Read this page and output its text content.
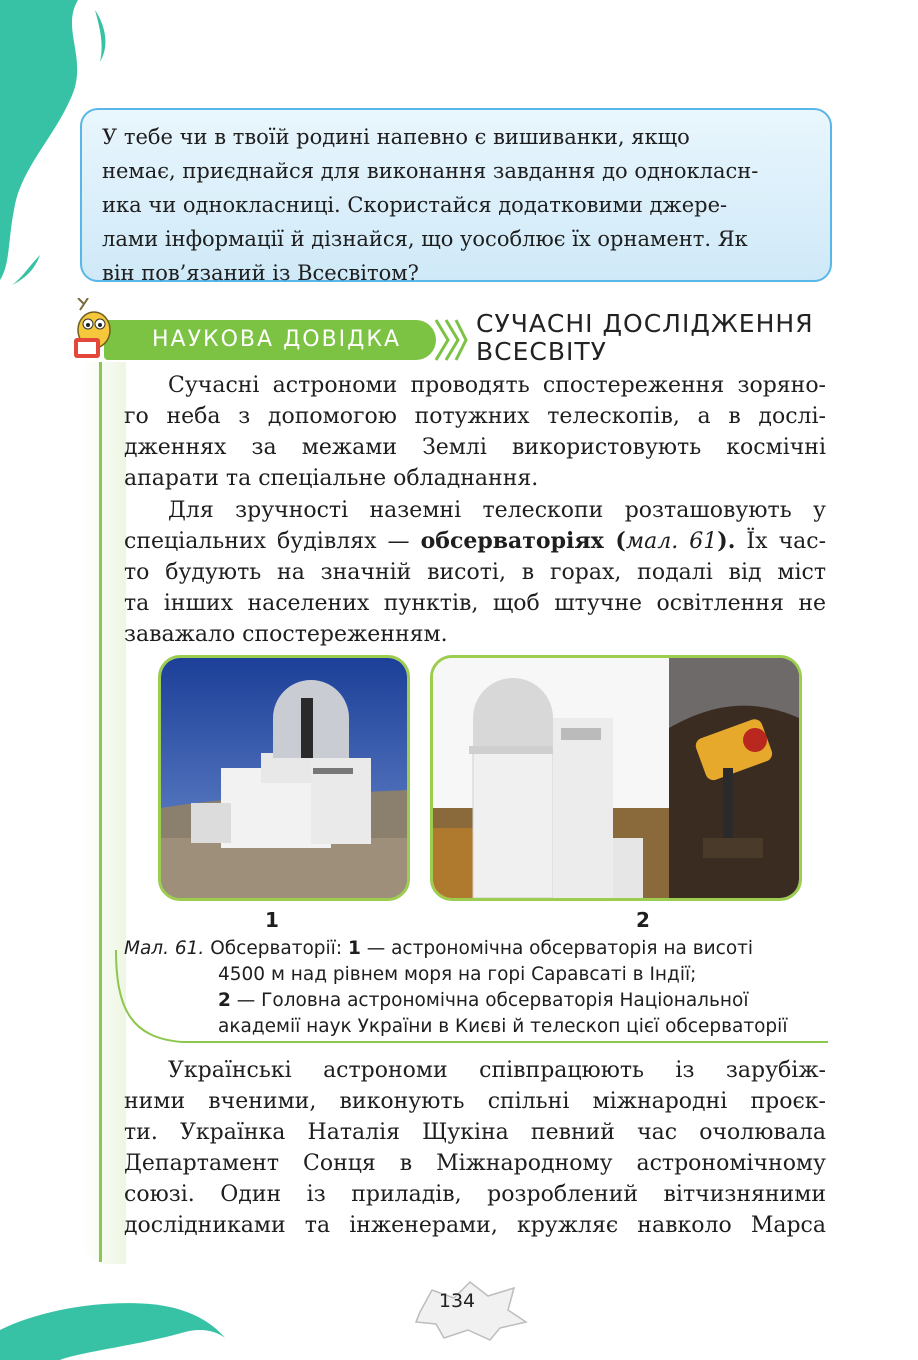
У тебе чи в твоїй родині напевно є вишиванки, якщо
немає, приєднайся для виконання завдання до однокласн-
ика чи однокласниці. Скористайся додатковими джере-
лами інформації й дізнайся, що уособлює їх орнамент. Як
він пов’язаний із Всесвітом?
НАУКОВА ДОВІДКА
СУЧАСНІ ДОСЛІДЖЕННЯ
ВСЕСВІТУ
Сучасні астрономи проводять спостереження зоряно-
го неба з допомогою потужних телескопів, а в дослі-
дженнях за межами Землі використовують космічні
апарати та спеціальне обладнання.
Для зручності наземні телескопи розташовують у
спеціальних будівлях — обсерваторіях (мал. 61). Їх час-
то будують на значній висоті, в горах, подалі від міст
та інших населених пунктів, щоб штучне освітлення не
заважало спостереженням.
1	2
Мал. 61. Обсерваторії: 1 — астрономічна обсерваторія на висоті
4500 м над рівнем моря на горі Саравсаті в Індії;
2 — Головна астрономічна обсерваторія Національної
академії наук України в Києві й телескоп цієї обсерваторії
Українські астрономи співпрацюють із зарубіж-
ними вченими, виконують спільні міжнародні проєк-
ти. Українка Наталія Щукіна певний час очолювала
Департамент Сонця в Міжнародному астрономічному
союзі. Один із приладів, розроблений вітчизняними
дослідниками та інженерами, кружляє навколо Марса
134
